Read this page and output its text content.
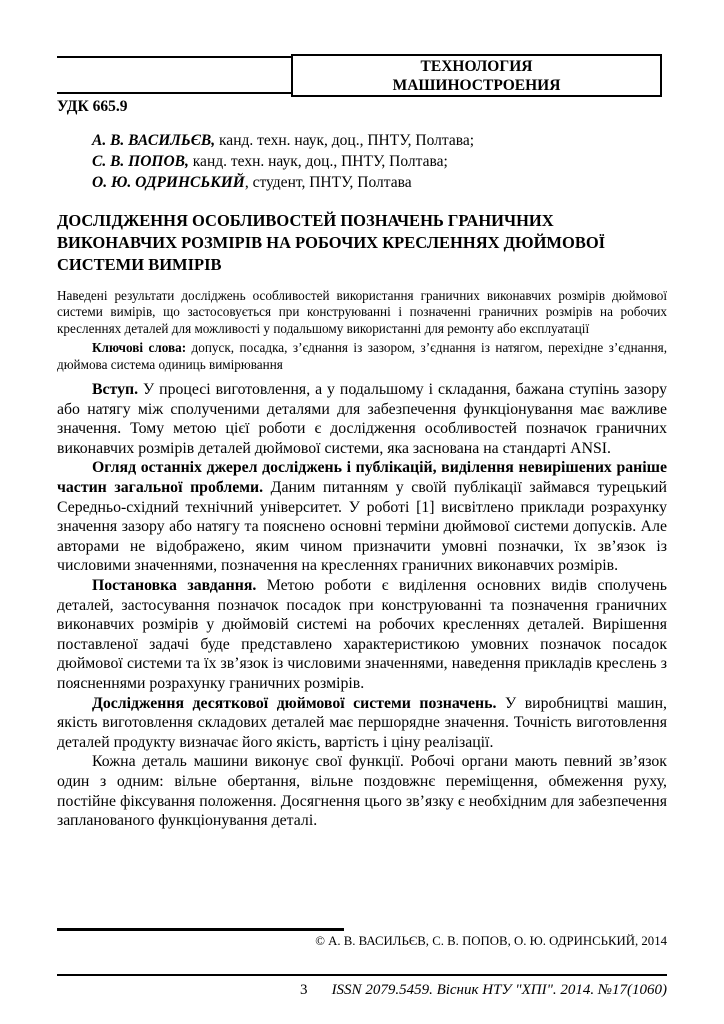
ТЕХНОЛОГИЯ
МАШИНОСТРОЕНИЯ
УДК 665.9
А. В. ВАСИЛЬЄВ, канд. техн. наук, доц., ПНТУ, Полтава;
С. В. ПОПОВ, канд. техн. наук, доц., ПНТУ, Полтава;
О. Ю. ОДРИНСЬКИЙ, студент, ПНТУ, Полтава
ДОСЛІДЖЕННЯ ОСОБЛИВОСТЕЙ ПОЗНАЧЕНЬ ГРАНИЧНИХ ВИКОНАВЧИХ РОЗМІРІВ НА РОБОЧИХ КРЕСЛЕННЯХ ДЮЙМОВОЇ СИСТЕМИ ВИМІРІВ
Наведені результати досліджень особливостей використання граничних виконавчих розмірів дюймової системи вимірів, що застосовується при конструюванні і позначенні граничних розмірів на робочих кресленнях деталей для можливості у подальшому використанні для ремонту або експлуатації
Ключові слова: допуск, посадка, з’єднання із зазором, з’єднання із натягом, перехідне з’єднання, дюймова система одиниць вимірювання

Вступ. У процесі виготовлення, а у подальшому і складання, бажана ступінь зазору або натягу між сполученими деталями для забезпечення функціонування має важливе значення. Тому метою цієї роботи є дослідження особливостей позначок граничних виконавчих розмірів деталей дюймової системи, яка заснована на стандарті ANSI.

Огляд останніх джерел досліджень і публікацій, виділення невирішених раніше частин загальної проблеми. Даним питанням у своїй публікації займався турецький Середньо-східний технічний університет. У роботі [1] висвітлено приклади розрахунку значення зазору або натягу та пояснено основні терміни дюймової системи допусків. Але авторами не відображено, яким чином призначити умовні позначки, їх зв’язок із числовими значеннями, позначення на кресленнях граничних виконавчих розмірів.

Постановка завдання. Метою роботи є виділення основних видів сполучень деталей, застосування позначок посадок при конструюванні та позначення граничних виконавчих розмірів у дюймовій системі на робочих кресленнях деталей. Вирішення поставленої задачі буде представлено характеристикою умовних позначок посадок дюймової системи та їх зв’язок із числовими значеннями, наведення прикладів креслень з поясненнями розрахунку граничних розмірів.

Дослідження десяткової дюймової системи позначень. У виробництві машин, якість виготовлення складових деталей має першорядне значення. Точність виготовлення деталей продукту визначає його якість, вартість і ціну реалізації.

Кожна деталь машини виконує свої функції. Робочі органи мають певний зв’язок один з одним: вільне обертання, вільне поздовжнє переміщення, обмеження руху, постійне фіксування положення. Досягнення цього зв’язку є необхідним для забезпечення запланованого функціонування деталі.

© А. В. ВАСИЛЬЄВ, С. В. ПОПОВ, О. Ю. ОДРИНСЬКИЙ, 2014
3 ISSN 2079.5459. Вісник НТУ "ХПІ". 2014. №17(1060)
